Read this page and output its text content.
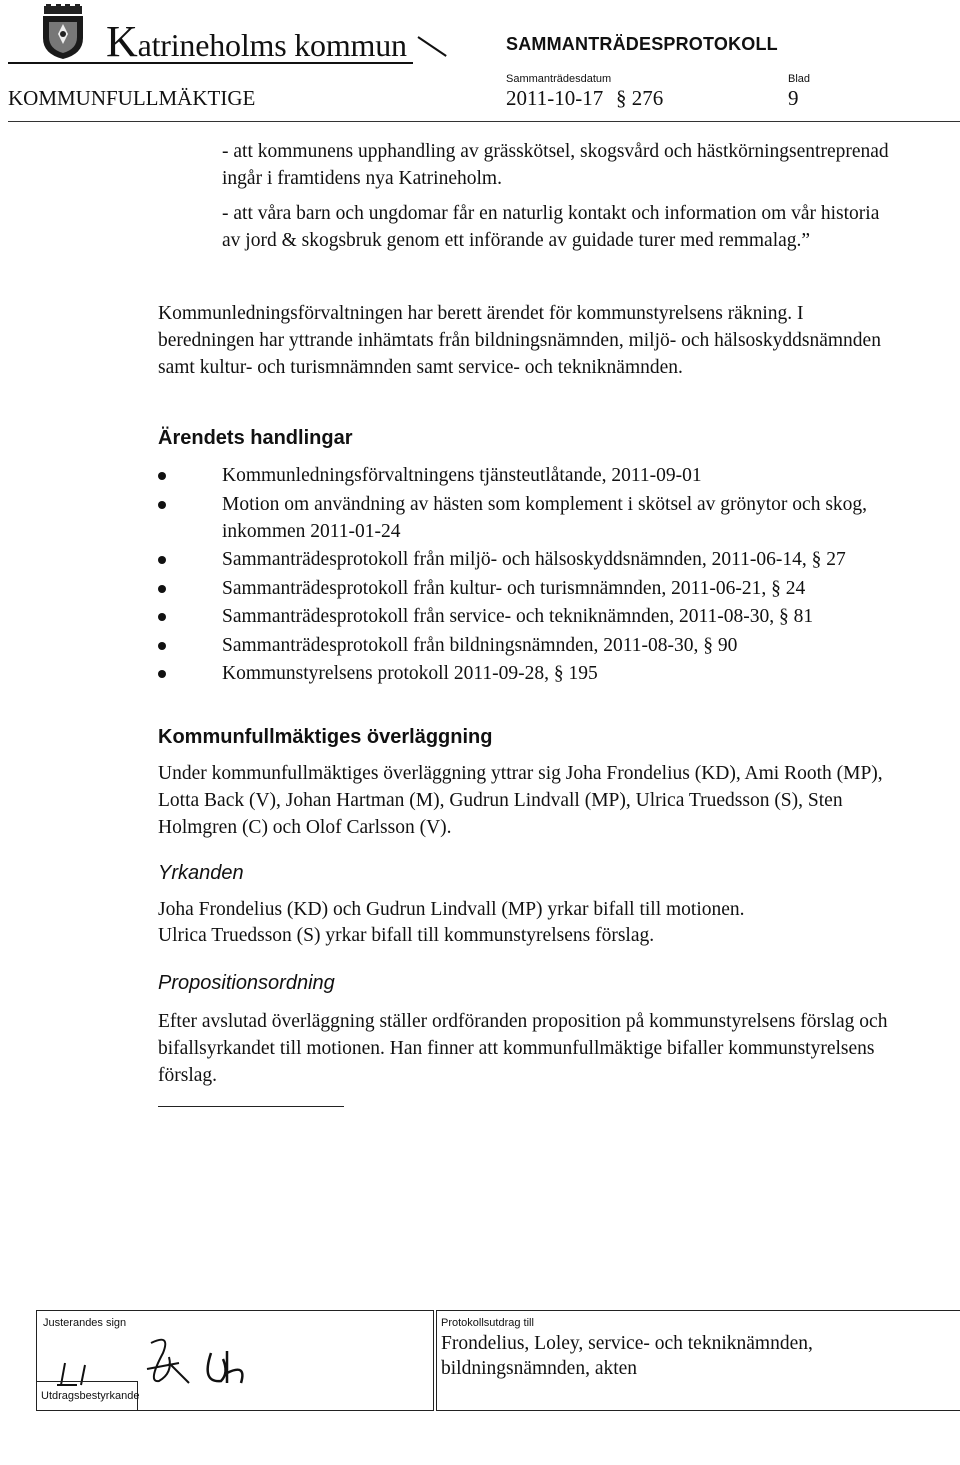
Katrineholms kommun	SAMMANTRÄDESPROTOKOLL
KOMMUNFULLMÄKTIGE
Sammanträdesdatum
2011-10-17 § 276
Blad
9
- att kommunens upphandling av grässkötsel, skogsvård och hästkörningsentreprenad ingår i framtidens nya Katrineholm.
- att våra barn och ungdomar får en naturlig kontakt och information om vår historia av jord & skogsbruk genom ett införande av guidade turer med remmalag.”
Kommunledningsförvaltningen har berett ärendet för kommunstyrelsens räkning. I beredningen har yttrande inhämtats från bildningsnämnden, miljö- och hälsoskyddsnämnden samt kultur- och turismnämnden samt service- och tekniknämnden.
Ärendets handlingar
Kommunledningsförvaltningens tjänsteutlåtande, 2011-09-01
Motion om användning av hästen som komplement i skötsel av grönytor och skog, inkommen 2011-01-24
Sammanträdesprotokoll från miljö- och hälsoskyddsnämnden, 2011-06-14, § 27
Sammanträdesprotokoll från kultur- och turismnämnden, 2011-06-21, § 24
Sammanträdesprotokoll från service- och tekniknämnden, 2011-08-30, § 81
Sammanträdesprotokoll från bildningsnämnden, 2011-08-30, § 90
Kommunstyrelsens protokoll 2011-09-28, § 195
Kommunfullmäktiges överläggning
Under kommunfullmäktiges överläggning yttrar sig Joha Frondelius (KD), Ami Rooth (MP), Lotta Back (V), Johan Hartman (M), Gudrun Lindvall (MP), Ulrica Truedsson (S), Sten Holmgren (C) och Olof Carlsson (V).
Yrkanden
Joha Frondelius (KD) och Gudrun Lindvall (MP) yrkar bifall till motionen.
Ulrica Truedsson (S) yrkar bifall till kommunstyrelsens förslag.
Propositionsordning
Efter avslutad överläggning ställer ordföranden proposition på kommunstyrelsens förslag och bifallsyrkandet till motionen. Han finner att kommunfullmäktige bifaller kommunstyrelsens förslag.
Justerandes sign
Utdragsbestyrkande
Protokollsutdrag till
Frondelius, Loley, service- och tekniknämnden,
bildningsnämnden, akten
